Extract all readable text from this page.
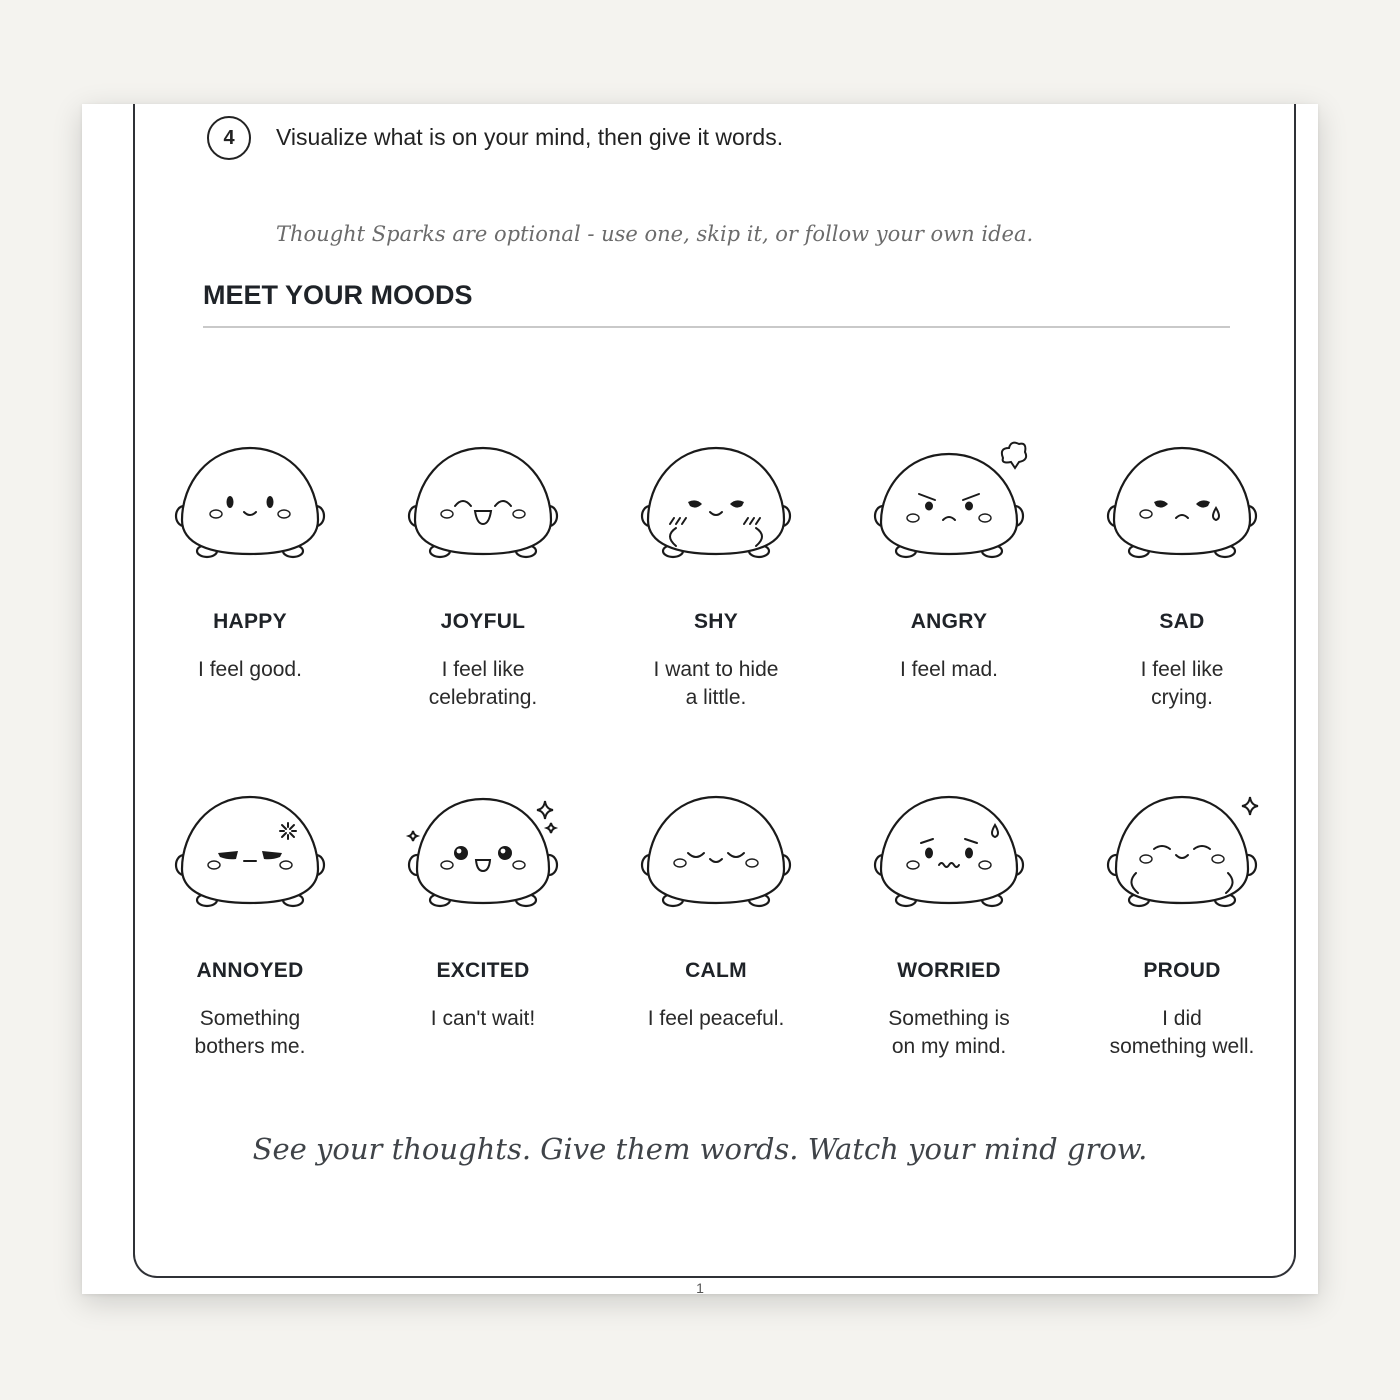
4	Visualize what is on your mind, then give it words.
Thought Sparks are optional - use one, skip it, or follow your own idea.
MEET YOUR MOODS
HAPPY
I feel good.
JOYFUL
I feel like
celebrating.
SHY
I want to hide
a little.
ANGRY
I feel mad.
SAD
I feel like
crying.
ANNOYED
Something
bothers me.
EXCITED
I can't wait!
CALM
I feel peaceful.
WORRIED
Something is
on my mind.
PROUD
I did
something well.
See your thoughts. Give them words. Watch your mind grow.
1
